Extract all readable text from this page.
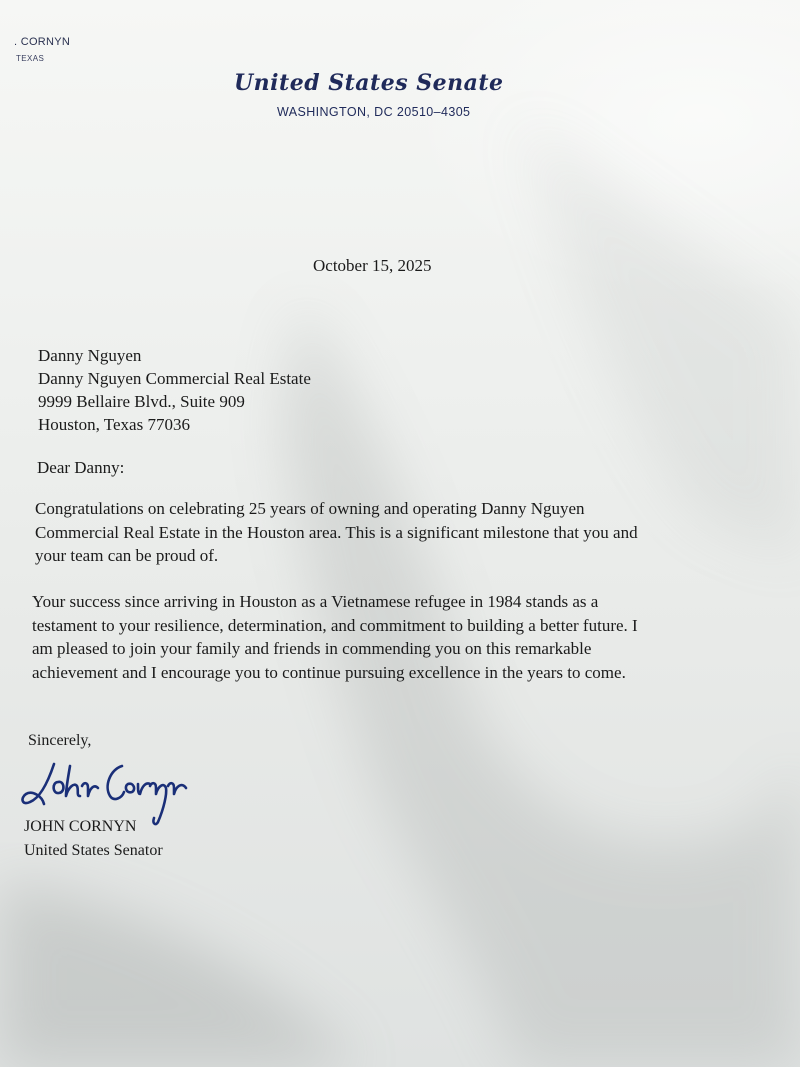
. CORNYN

TEXAS

United States Senate

WASHINGTON, DC 20510–4305

October 15, 2025

Danny Nguyen
Danny Nguyen Commercial Real Estate
9999 Bellaire Blvd., Suite 909
Houston, Texas 77036

Dear Danny:

Congratulations on celebrating 25 years of owning and operating Danny Nguyen
Commercial Real Estate in the Houston area. This is a significant milestone that you and
your team can be proud of.
Your success since arriving in Houston as a Vietnamese refugee in 1984 stands as a
testament to your resilience, determination, and commitment to building a better future. I
am pleased to join your family and friends in commending you on this remarkable
achievement and I encourage you to continue pursuing excellence in the years to come.

Sincerely,

JOHN CORNYN

United States Senator
